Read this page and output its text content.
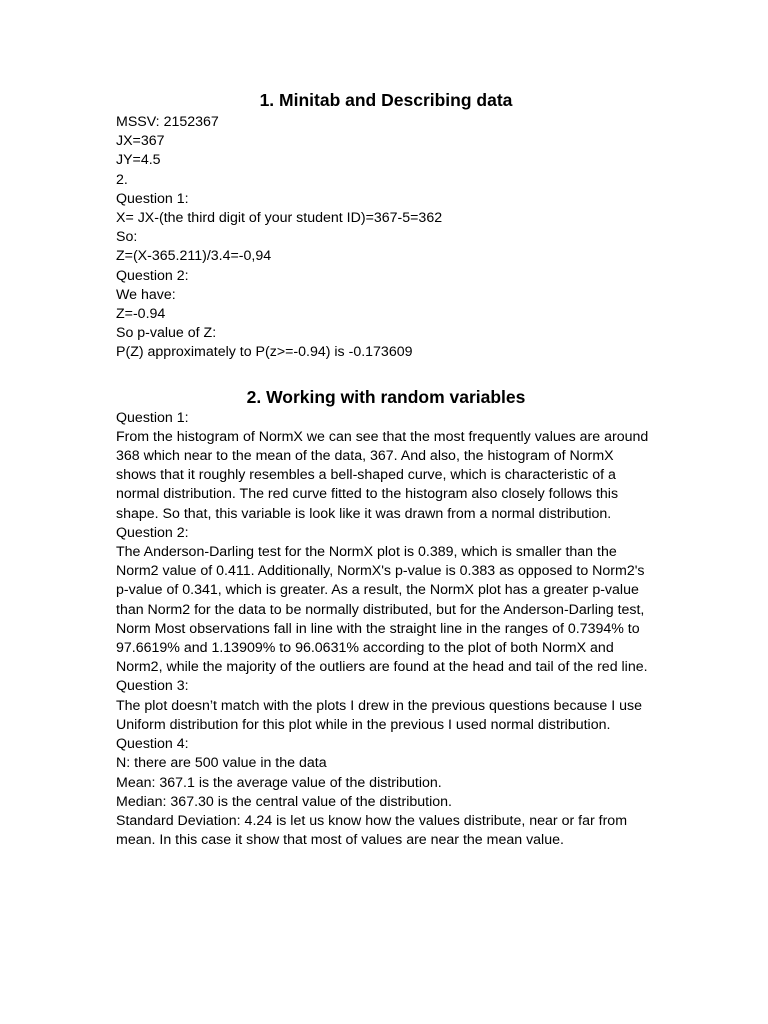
1. Minitab and Describing data

MSSV: 2152367

JX=367

JY=4.5

2.

Question 1:

X= JX-(the third digit of your student ID)=367-5=362

So:

Z=(X-365.211)/3.4=-0,94

Question 2:

We have:

Z=-0.94

So p-value of Z:

P(Z) approximately to P(z>=-0.94) is -0.173609

2. Working with random variables

Question 1:

From the histogram of NormX we can see that the most frequently values are around 368 which near to the mean of the data, 367. And also, the histogram of NormX shows that it roughly resembles a bell-shaped curve, which is characteristic of a normal distribution. The red curve fitted to the histogram also closely follows this shape. So that, this variable is look like it was drawn from a normal distribution.

Question 2:

The Anderson-Darling test for the NormX plot is 0.389, which is smaller than the Norm2 value of 0.411. Additionally, NormX's p-value is 0.383 as opposed to Norm2's p-value of 0.341, which is greater. As a result, the NormX plot has a greater p-value than Norm2 for the data to be normally distributed, but for the Anderson-Darling test, Norm Most observations fall in line with the straight line in the ranges of 0.7394% to 97.6619% and 1.13909% to 96.0631% according to the plot of both NormX and Norm2, while the majority of the outliers are found at the head and tail of the red line.

Question 3:

The plot doesn’t match with the plots I drew in the previous questions because I use Uniform distribution for this plot while in the previous I used normal distribution.

Question 4:

N: there are 500 value in the data

Mean: 367.1 is the average value of the distribution.

Median: 367.30 is the central value of the distribution.

Standard Deviation: 4.24 is let us know how the values distribute, near or far from mean. In this case it show that most of values are near the mean value.
